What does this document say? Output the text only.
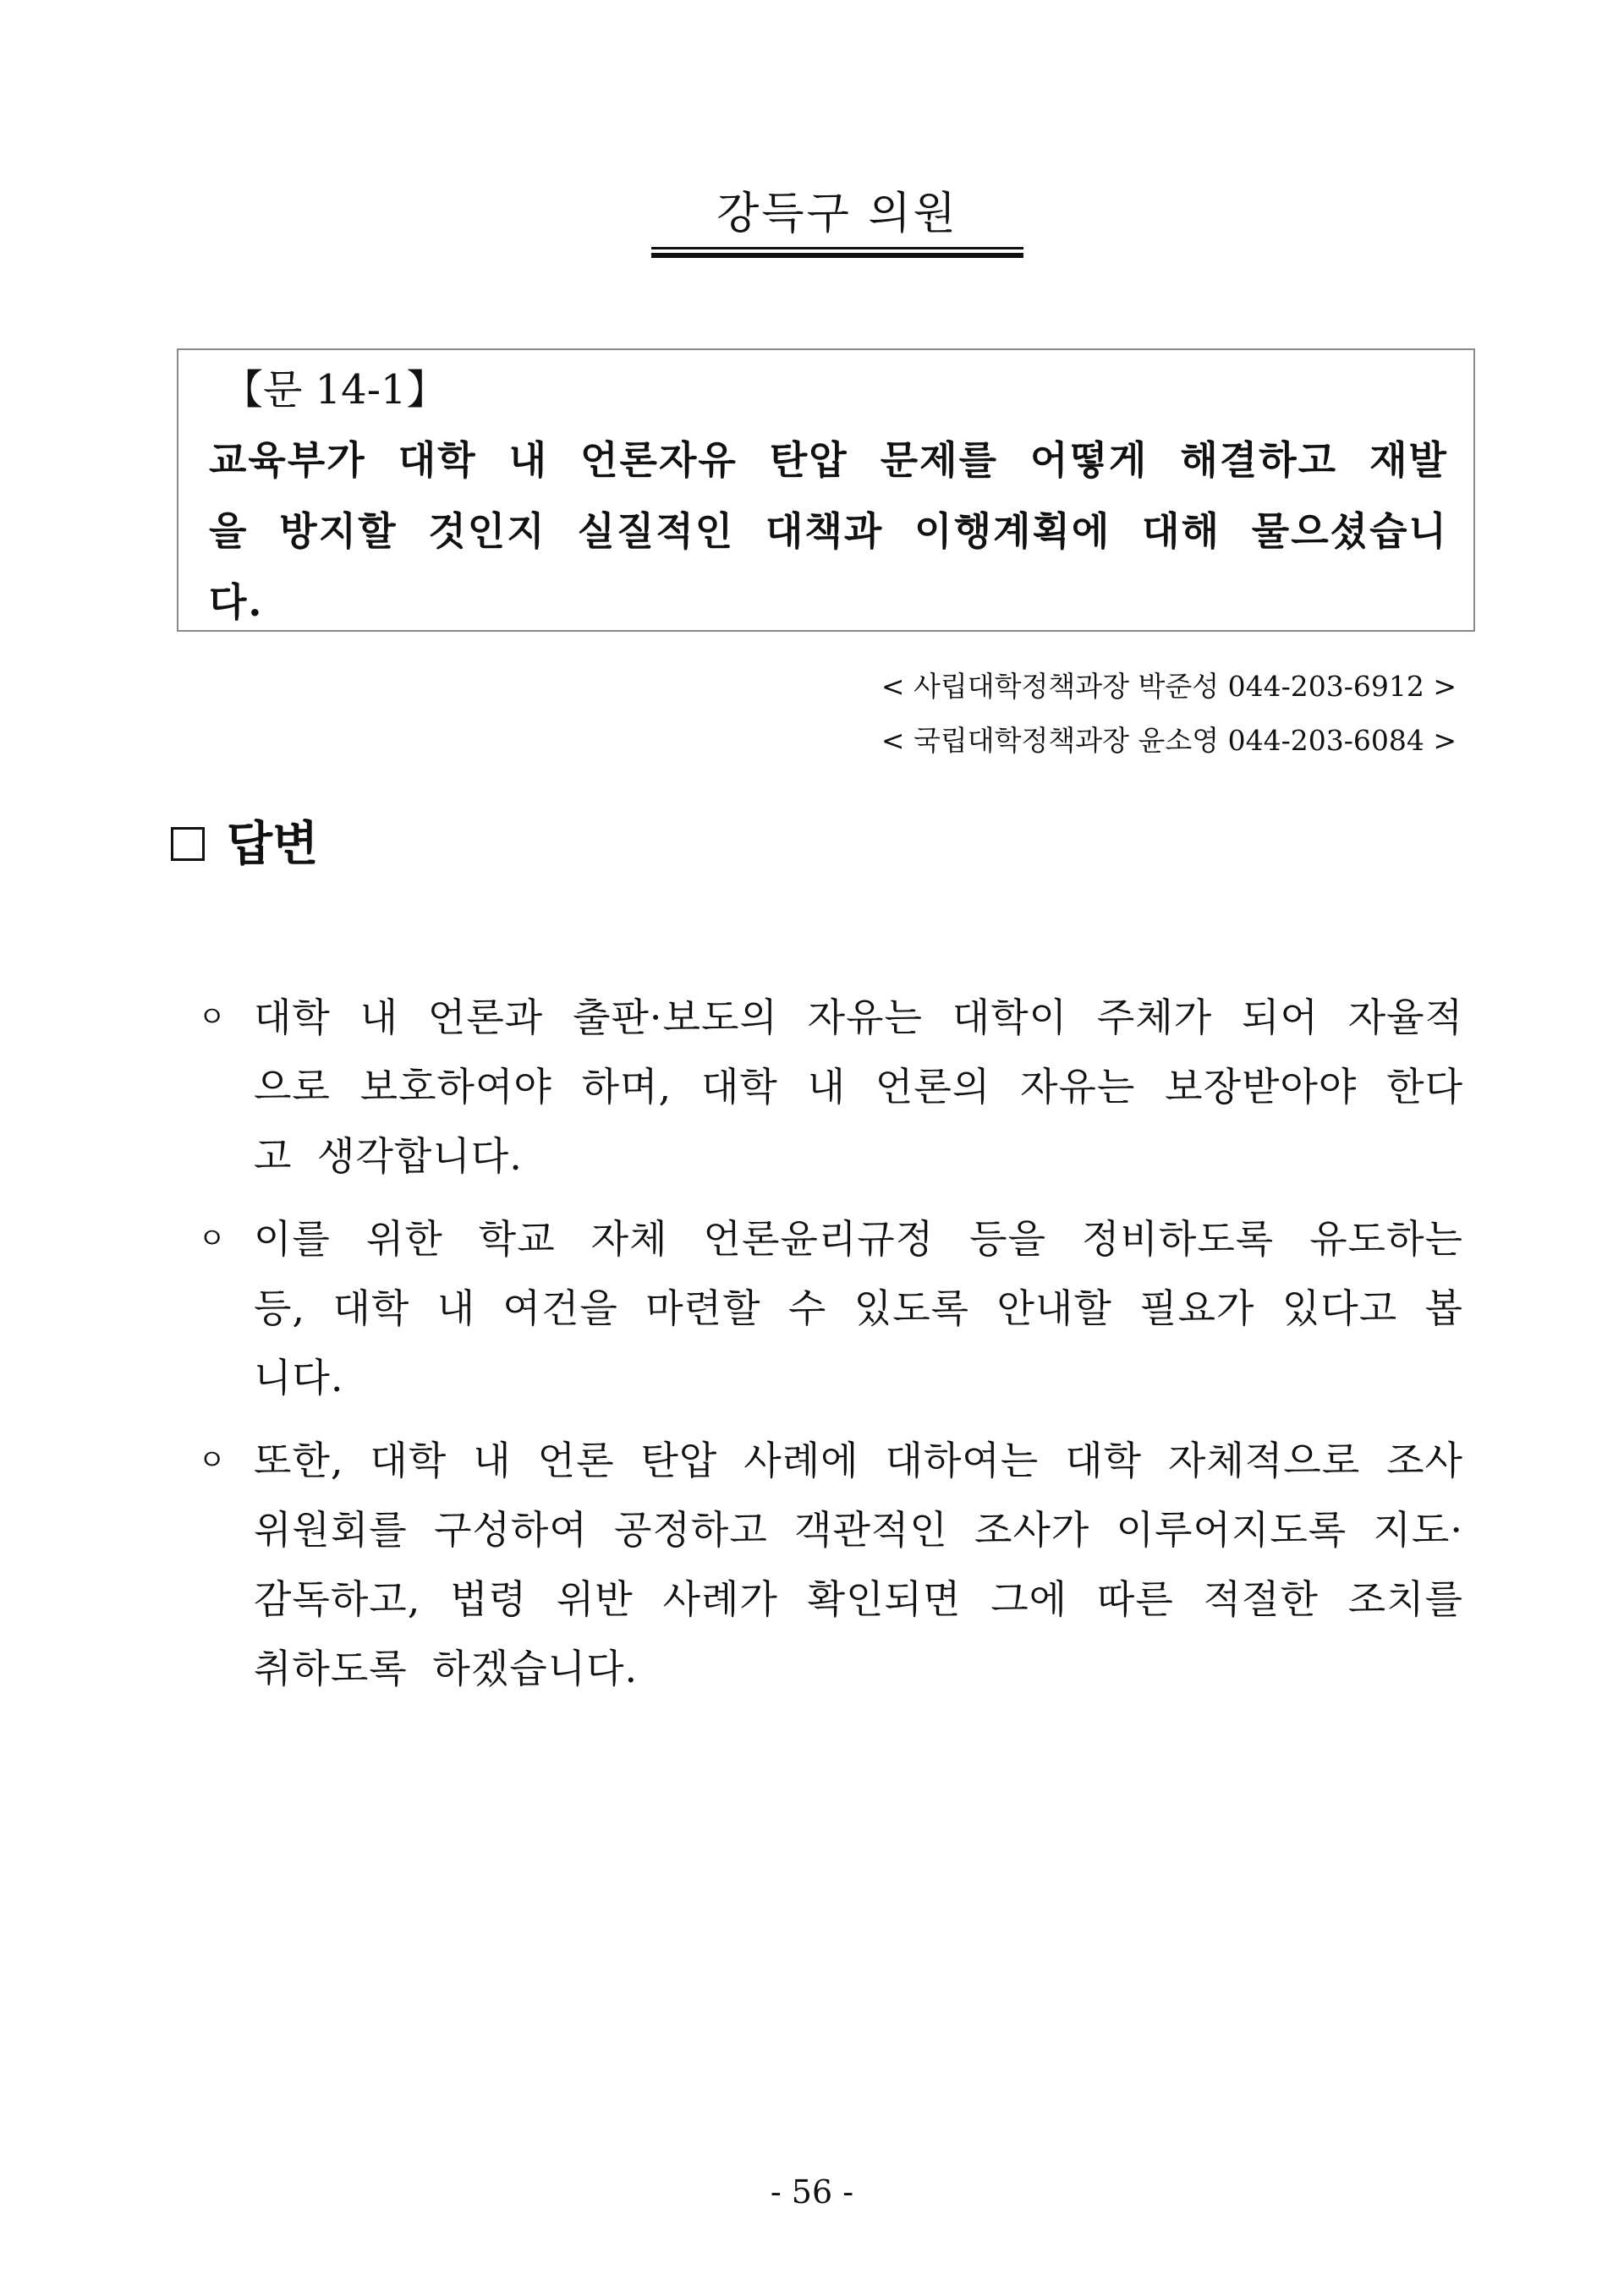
강득구 의원
【문 14-1】
교육부가 대학 내 언론자유 탄압 문제를 어떻게 해결하고 재발을 방지할 것인지 실질적인 대책과 이행계획에 대해 물으셨습니다.
< 사립대학정책과장 박준성 044-203-6912 >
< 국립대학정책과장 윤소영 044-203-6084 >
답변
ㅇ 대학 내 언론과 출판·보도의 자유는 대학이 주체가 되어 자율적으로 보호하여야 하며, 대학 내 언론의 자유는 보장받아야 한다고 생각합니다.
ㅇ 이를 위한 학교 자체 언론윤리규정 등을 정비하도록 유도하는 등, 대학 내 여건을 마련할 수 있도록 안내할 필요가 있다고 봅니다.
ㅇ 또한, 대학 내 언론 탄압 사례에 대하여는 대학 자체적으로 조사 위원회를 구성하여 공정하고 객관적인 조사가 이루어지도록 지도·감독하고, 법령 위반 사례가 확인되면 그에 따른 적절한 조치를 취하도록 하겠습니다.
- 56 -
